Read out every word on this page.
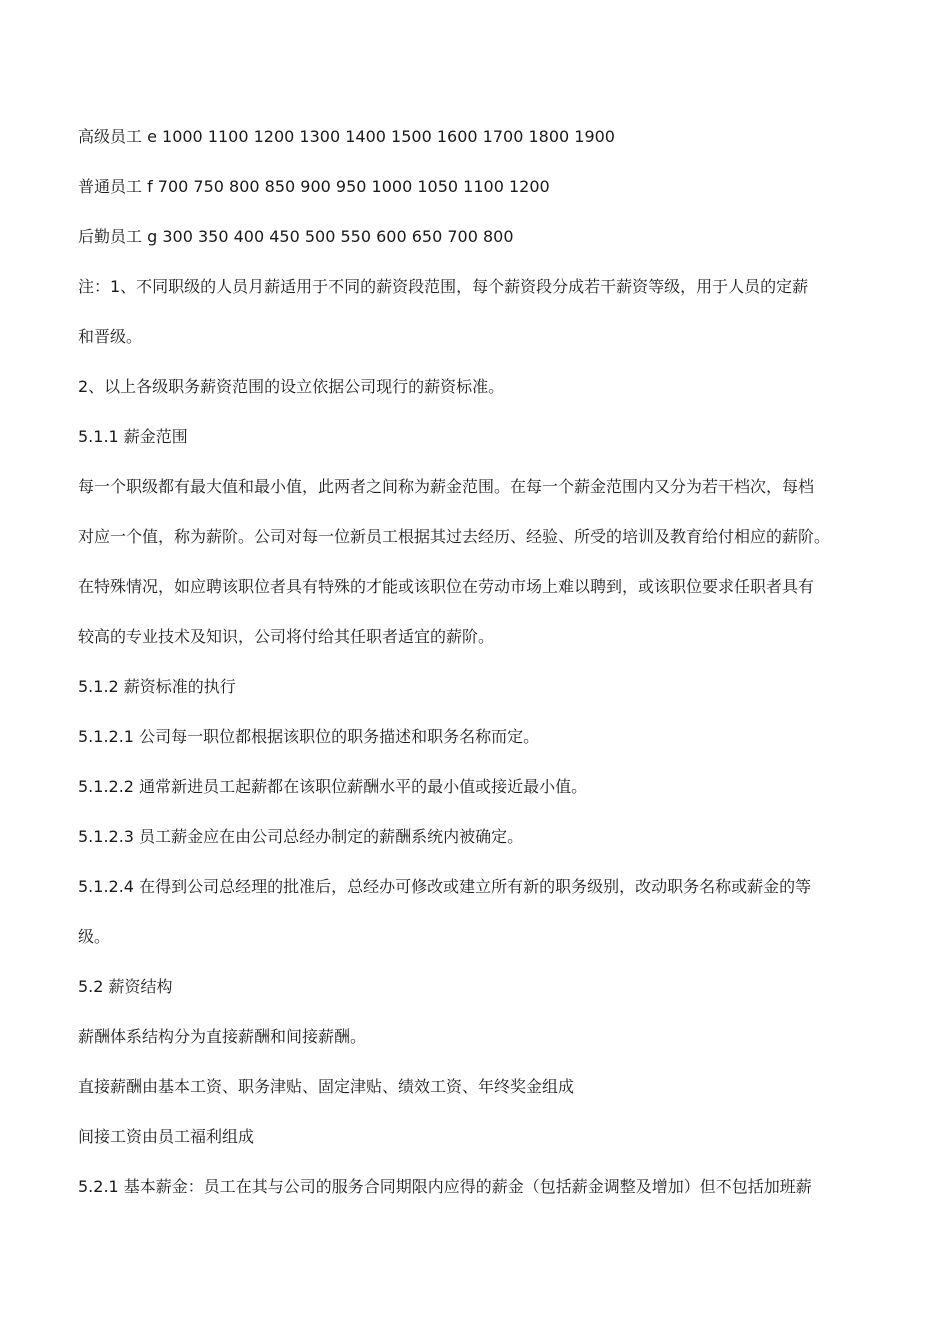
高级员工 e 1000 1100 1200 1300 1400 1500 1600 1700 1800 1900
普通员工 f 700 750 800 850 900 950 1000 1050 1100 1200
后勤员工 g 300 350 400 450 500 550 600 650 700 800
注：1、不同职级的人员月薪适用于不同的薪资段范围，每个薪资段分成若干薪资等级，用于人员的定薪
和晋级。
2、以上各级职务薪资范围的设立依据公司现行的薪资标准。
5.1.1 薪金范围
每一个职级都有最大值和最小值，此两者之间称为薪金范围。在每一个薪金范围内又分为若干档次，每档
对应一个值，称为薪阶。公司对每一位新员工根据其过去经历、经验、所受的培训及教育给付相应的薪阶。
在特殊情况，如应聘该职位者具有特殊的才能或该职位在劳动市场上难以聘到，或该职位要求任职者具有
较高的专业技术及知识，公司将付给其任职者适宜的薪阶。
5.1.2 薪资标准的执行
5.1.2.1 公司每一职位都根据该职位的职务描述和职务名称而定。
5.1.2.2 通常新进员工起薪都在该职位薪酬水平的最小值或接近最小值。
5.1.2.3 员工薪金应在由公司总经办制定的薪酬系统内被确定。
5.1.2.4 在得到公司总经理的批准后，总经办可修改或建立所有新的职务级别，改动职务名称或薪金的等
级。
5.2 薪资结构
薪酬体系结构分为直接薪酬和间接薪酬。
直接薪酬由基本工资、职务津贴、固定津贴、绩效工资、年终奖金组成
间接工资由员工福利组成
5.2.1 基本薪金：员工在其与公司的服务合同期限内应得的薪金（包括薪金调整及增加）但不包括加班薪
